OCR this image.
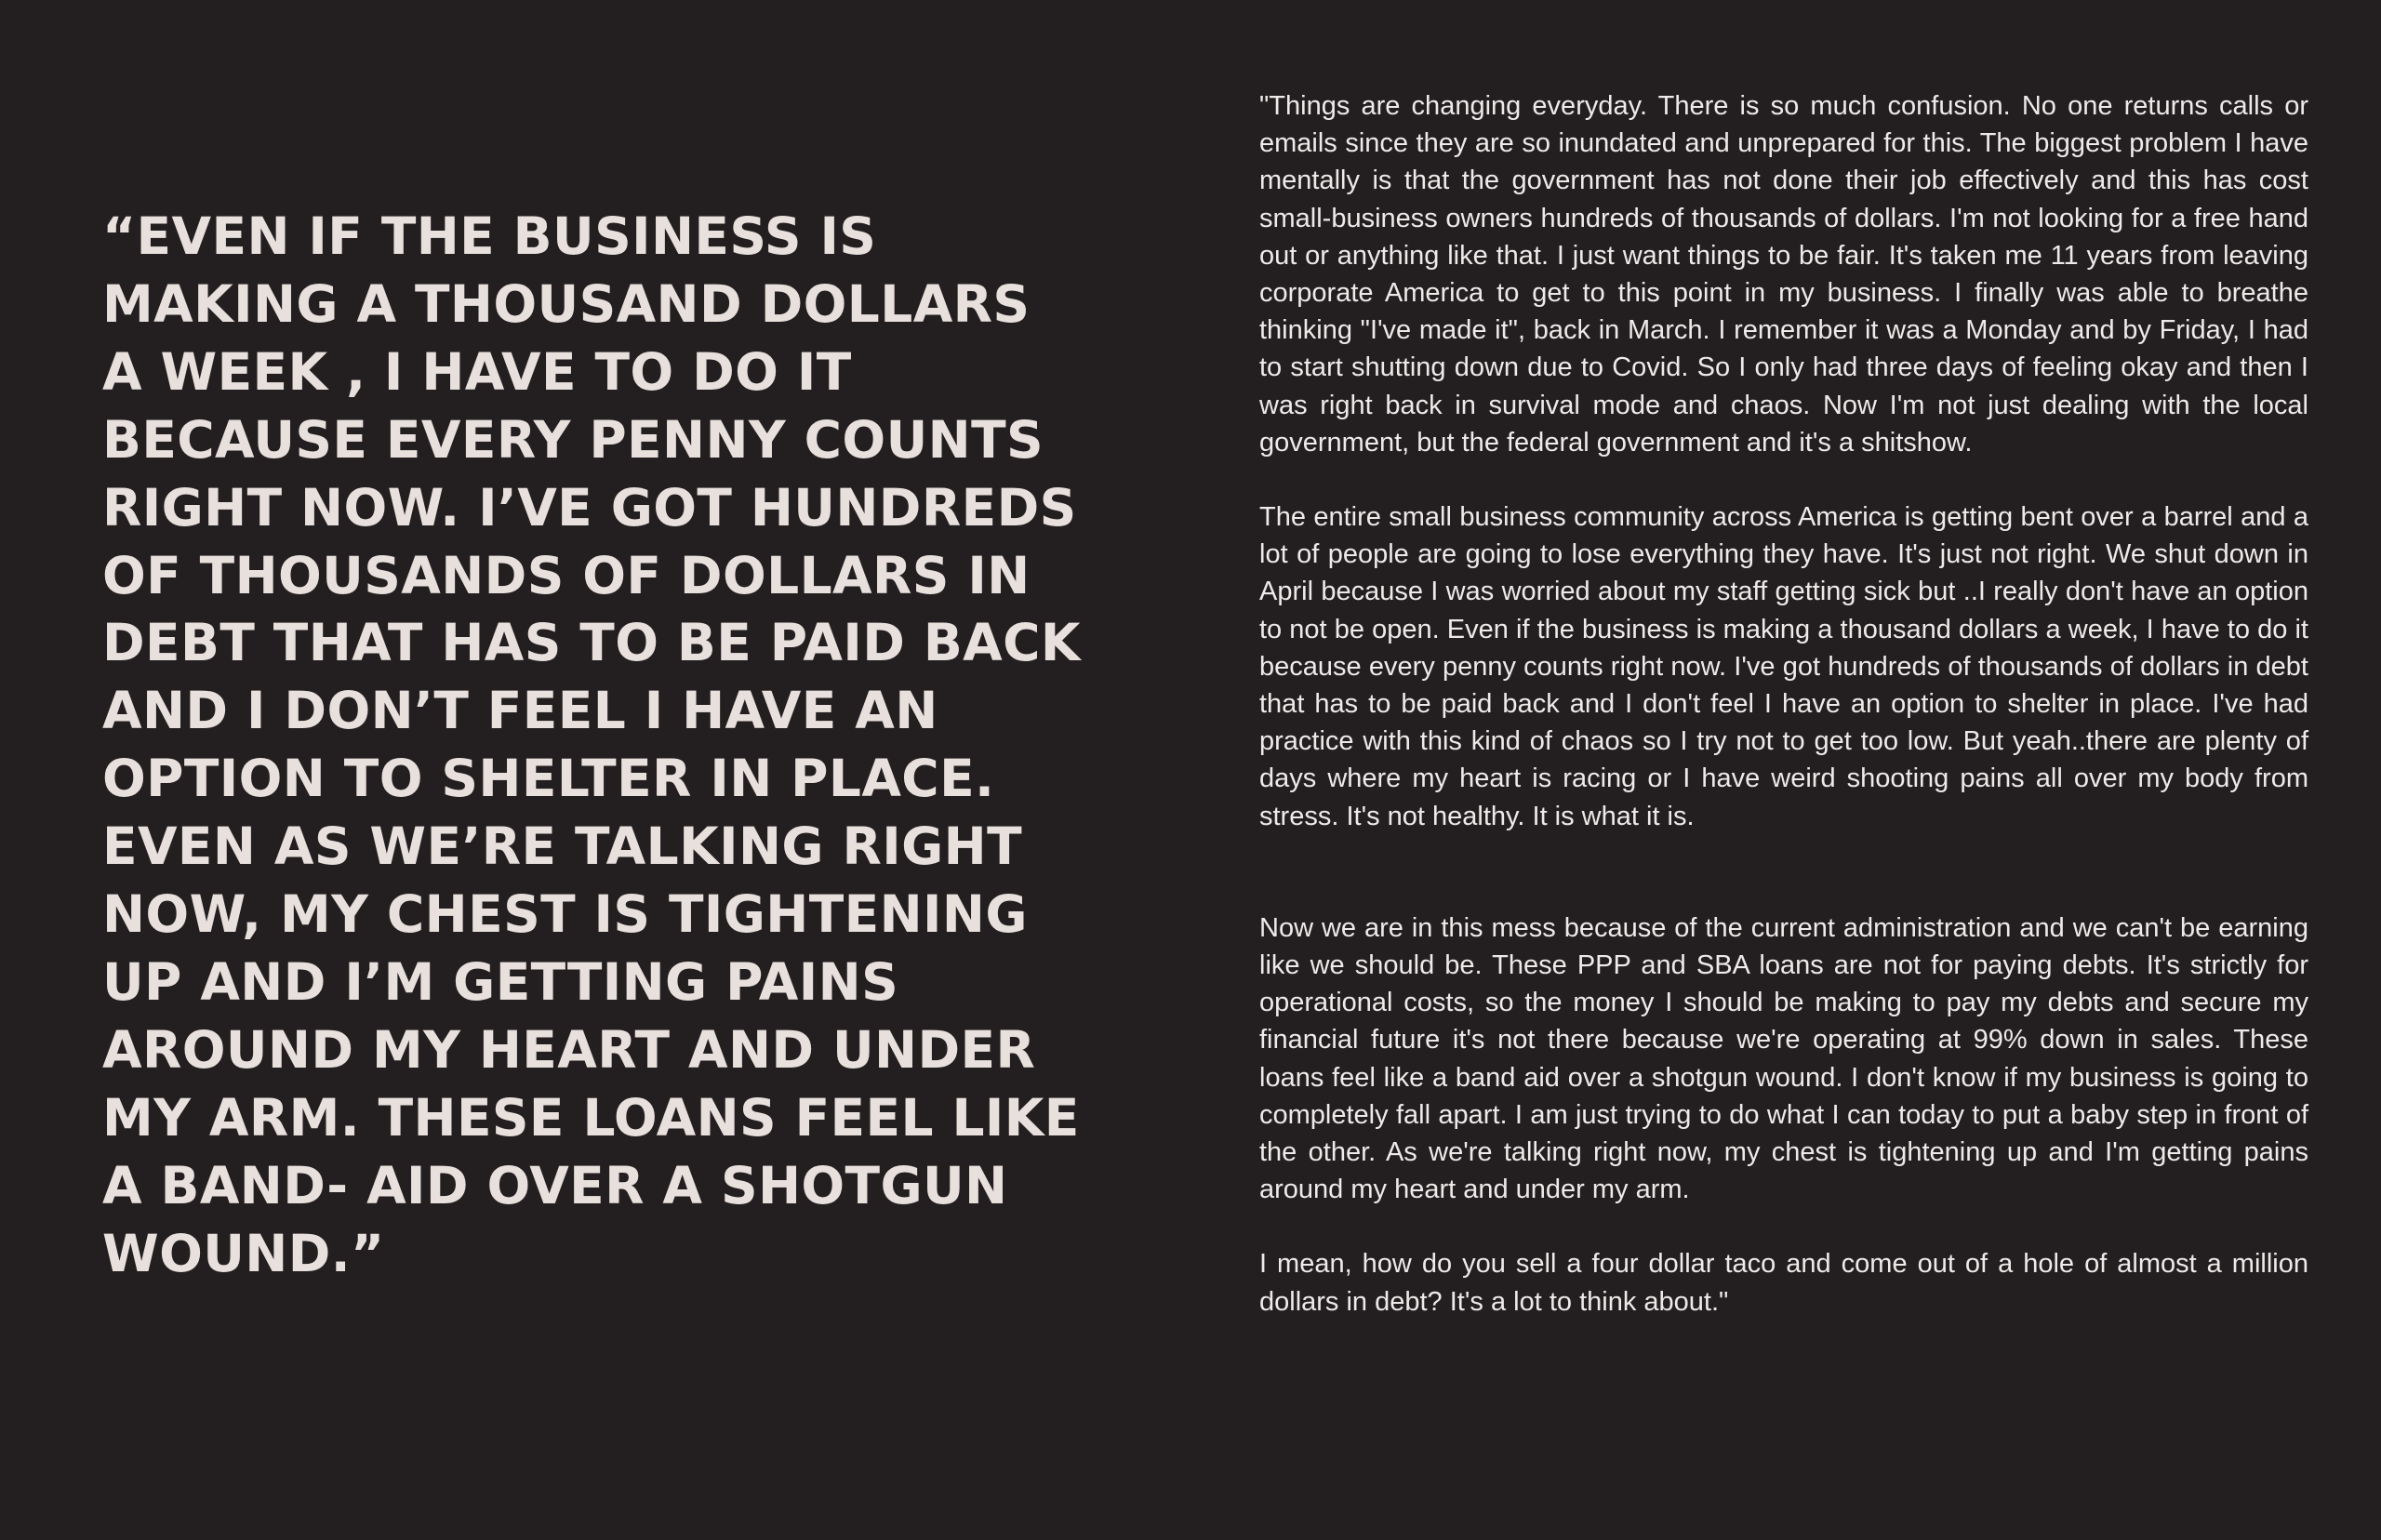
“EVEN IF THE BUSINESS IS
MAKING A THOUSAND DOLLARS
A WEEK , I HAVE TO DO IT
BECAUSE EVERY PENNY COUNTS
RIGHT NOW. I’VE GOT HUNDREDS
OF THOUSANDS OF DOLLARS IN
DEBT THAT HAS TO BE PAID BACK
AND I DON’T FEEL I HAVE AN
OPTION TO SHELTER IN PLACE.
EVEN AS WE’RE TALKING RIGHT
NOW, MY CHEST IS TIGHTENING
UP AND I’M GETTING PAINS
AROUND MY HEART AND UNDER
MY ARM. THESE LOANS FEEL LIKE
A BAND- AID OVER A SHOTGUN
WOUND.”

"Things are changing everyday. There is so much confusion. No one returns calls or emails since they are so inundated and unprepared for this. The biggest problem I have mentally is that the government has not done their job effectively and this has cost small-business owners hundreds of thousands of dollars. I'm not looking for a free hand out or anything like that. I just want things to be fair. It's taken me 11 years from leaving corporate America to get to this point in my business. I finally was able to breathe thinking "I've made it", back in March. I remember it was a Monday and by Friday, I had to start shutting down due to Covid. So I only had three days of feeling okay and then I was right back in survival mode and chaos. Now I'm not just dealing with the local government, but the federal government and it's a shitshow.

The entire small business community across America is getting bent over a barrel and a lot of people are going to lose everything they have. It's just not right. We shut down in April because I was worried about my staff getting sick but ..I really don't have an option to not be open. Even if the business is making a thousand dollars a week, I have to do it because every penny counts right now. I've got hundreds of thousands of dollars in debt that has to be paid back and I don't feel I have an option to shelter in place. I've had practice with this kind of chaos so I try not to get too low. But yeah..there are plenty of days where my heart is racing or I have weird shooting pains all over my body from stress. It's not healthy. It is what it is.

Now we are in this mess because of the current administration and we can't be earning like we should be. These PPP and SBA loans are not for paying debts. It's strictly for operational costs, so the money I should be making to pay my debts and secure my financial future it's not there because we're operating at 99% down in sales. These loans feel like a band aid over a shotgun wound. I don't know if my business is going to completely fall apart. I am just trying to do what I can today to put a baby step in front of the other. As we're talking right now, my chest is tightening up and I'm getting pains around my heart and under my arm.

I mean, how do you sell a four dollar taco and come out of a hole of almost a million dollars in debt? It's a lot to think about."
